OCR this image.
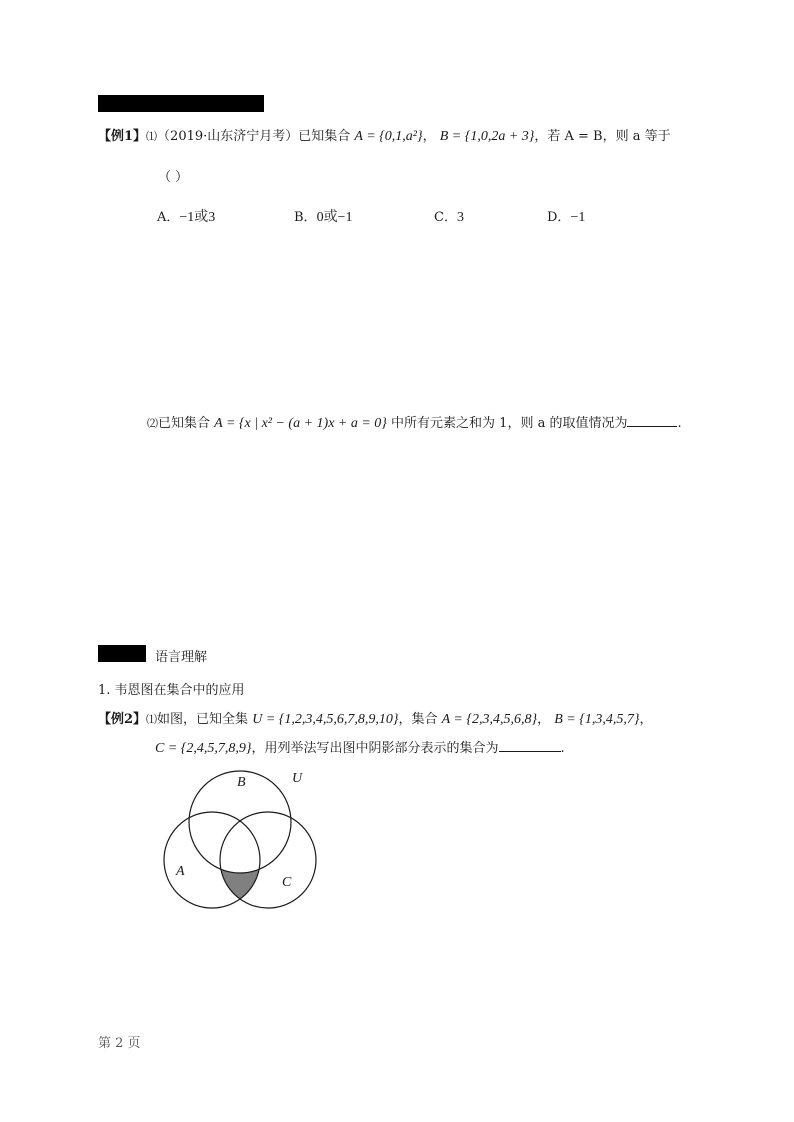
【例1】⑴（2019·山东济宁月考）已知集合 A = {0,1,a²}， B = {1,0,2a + 3}，若 A = B，则 a 等于
（ ）
A．−1或3	B．0或−1	C．3	D．−1
⑵已知集合 A = {x | x² − (a + 1)x + a = 0} 中所有元素之和为 1，则 a 的取值情况为	.
语言理解
1. 韦恩图在集合中的应用
【例2】⑴如图，已知全集 U = {1,2,3,4,5,6,7,8,9,10}，集合 A = {2,3,4,5,6,8}， B = {1,3,4,5,7}，
C = {2,4,5,7,8,9}，用列举法写出图中阴影部分表示的集合为	.
B	U
A
C
第 2 页
